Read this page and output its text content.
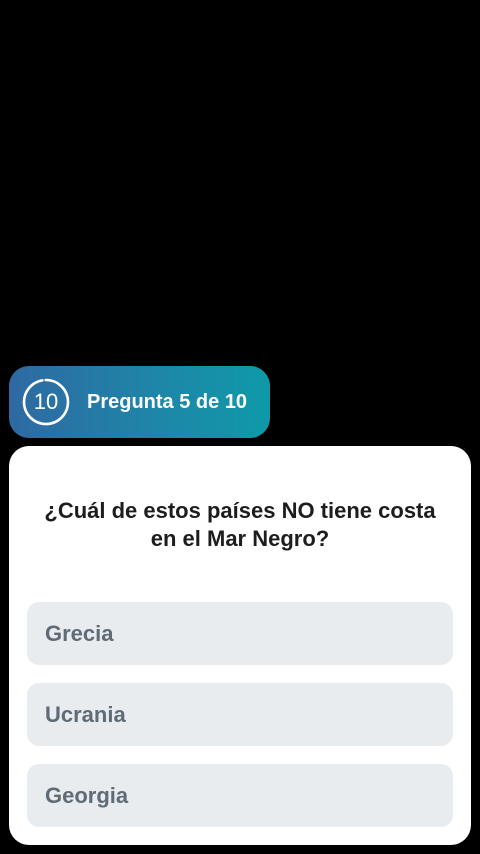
10	Pregunta 5 de 10
¿Cuál de estos países NO tiene costa en el Mar Negro?
Grecia
Ucrania
Georgia
